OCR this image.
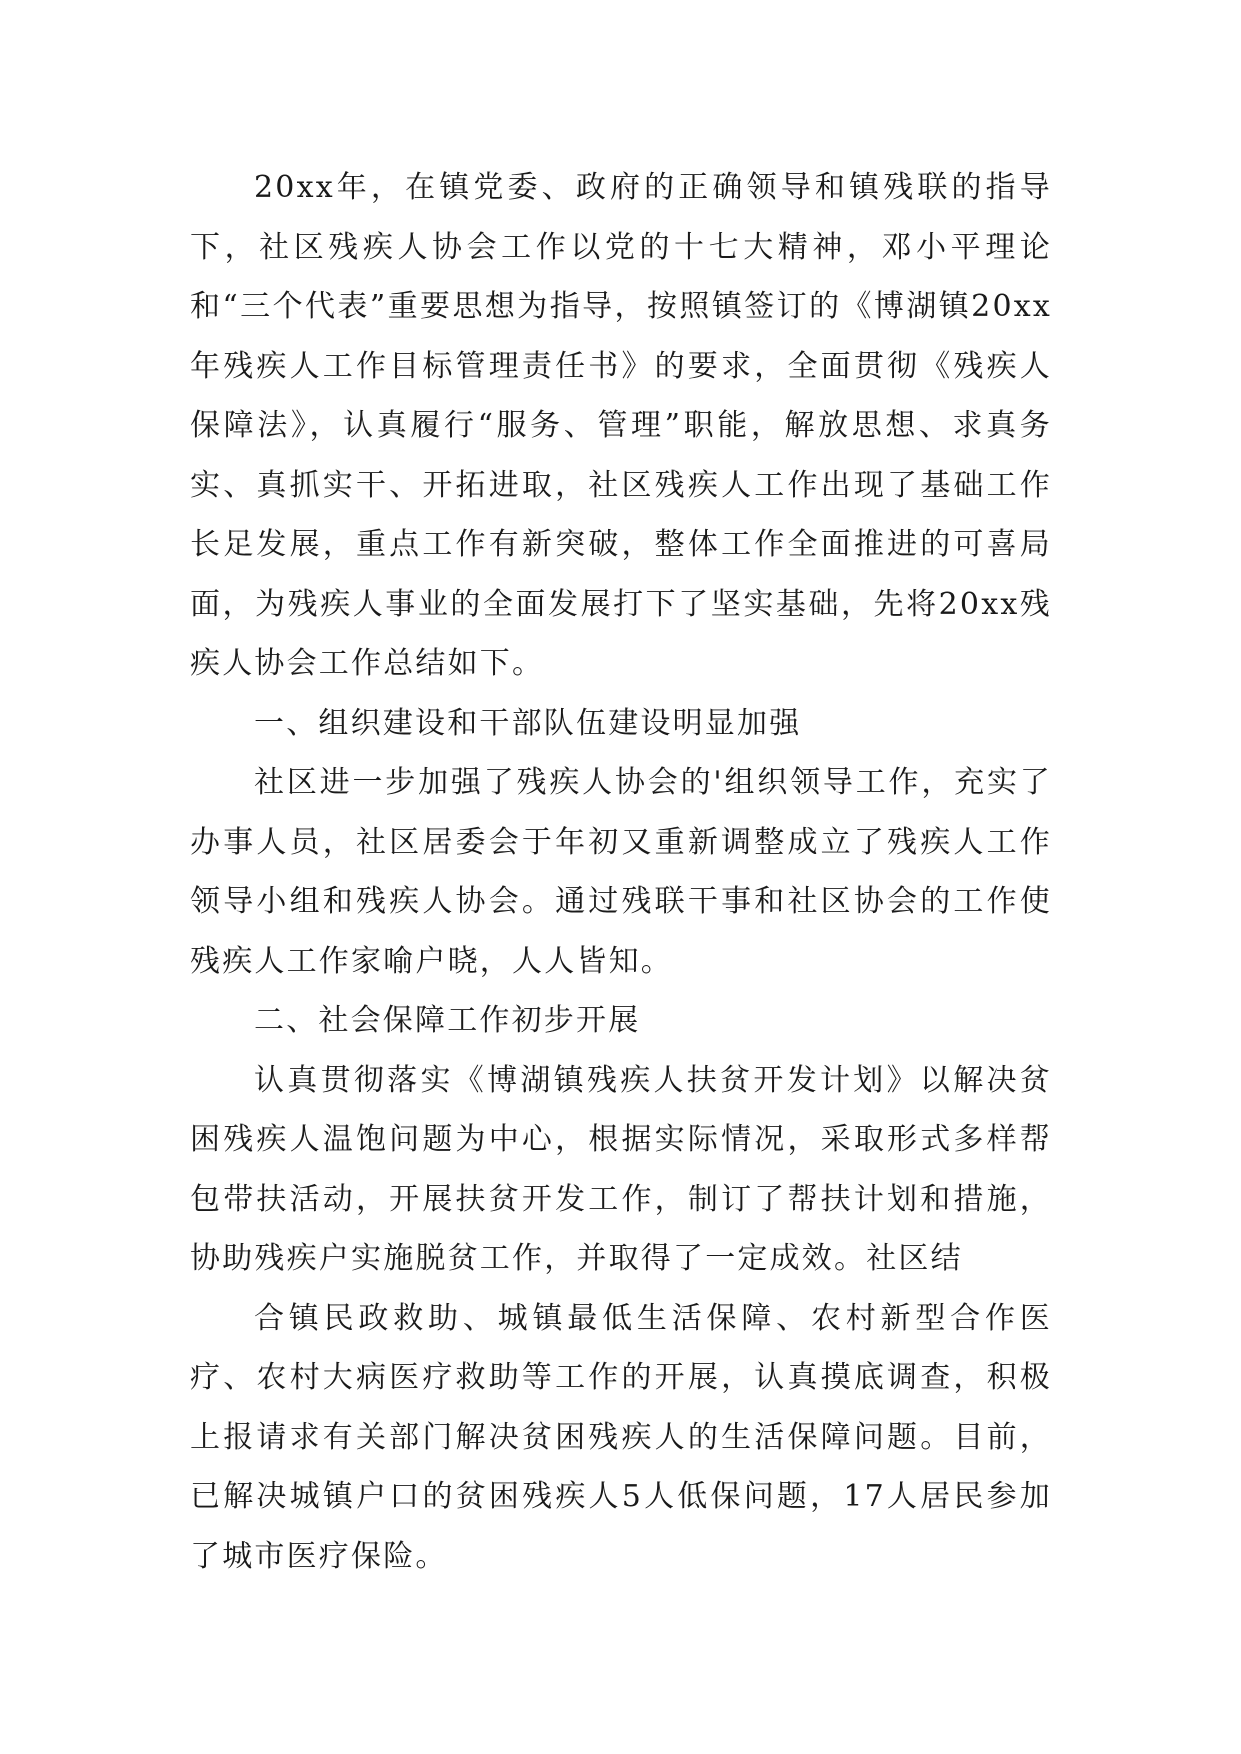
20xx年，在镇党委、政府的正确领导和镇残联的指导下，社区残疾人协会工作以党的十七大精神，邓小平理论和“三个代表”重要思想为指导，按照镇签订的《博湖镇20xx年残疾人工作目标管理责任书》的要求，全面贯彻《残疾人保障法》，认真履行“服务、管理”职能，解放思想、求真务实、真抓实干、开拓进取，社区残疾人工作出现了基础工作长足发展，重点工作有新突破，整体工作全面推进的可喜局面，为残疾人事业的全面发展打下了坚实基础，先将20xx残疾人协会工作总结如下。

一、组织建设和干部队伍建设明显加强

社区进一步加强了残疾人协会的'组织领导工作，充实了办事人员，社区居委会于年初又重新调整成立了残疾人工作领导小组和残疾人协会。通过残联干事和社区协会的工作使残疾人工作家喻户晓，人人皆知。

二、社会保障工作初步开展

认真贯彻落实《博湖镇残疾人扶贫开发计划》以解决贫困残疾人温饱问题为中心，根据实际情况，采取形式多样帮包带扶活动，开展扶贫开发工作，制订了帮扶计划和措施，协助残疾户实施脱贫工作，并取得了一定成效。社区结

合镇民政救助、城镇最低生活保障、农村新型合作医疗、农村大病医疗救助等工作的开展，认真摸底调查，积极上报请求有关部门解决贫困残疾人的生活保障问题。目前，已解决城镇户口的贫困残疾人5人低保问题，17人居民参加了城市医疗保险。
